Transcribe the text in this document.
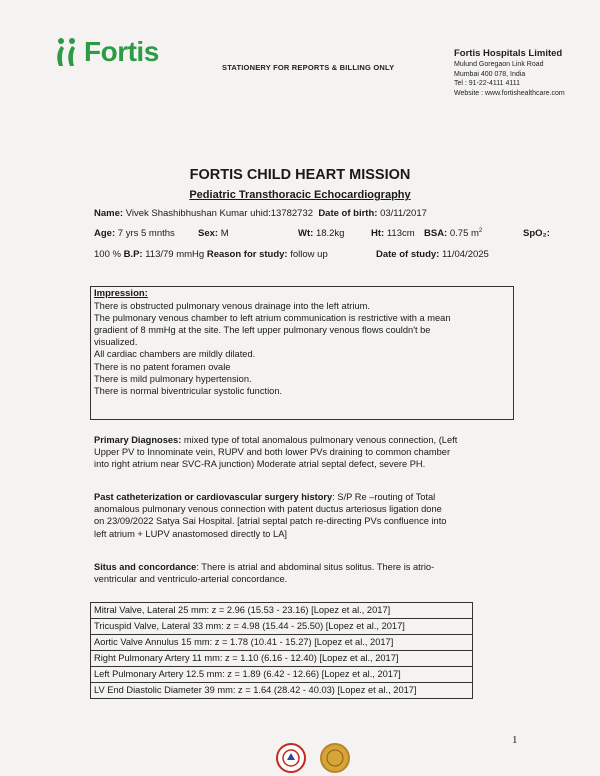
Fortis
STATIONERY FOR REPORTS & BILLING ONLY
Fortis Hospitals Limited
Mulund Goregaon Link Road
Mumbai 400 078, India
Tel : 91-22-4111 4111
Website : www.fortishealthcare.com
FORTIS CHILD HEART MISSION
Pediatric Transthoracic Echocardiography
Name: Vivek Shashibhushan Kumar uhid:13782732 Date of birth: 03/11/2017
Age: 7 yrs 5 mnths Sex: M	Wt: 18.2kg	Ht: 113cm BSA: 0.75 $m^2$	SpO₂:
100 % B.P: 113/79 mmHg Reason for study: follow up	Date of study: 11/04/2025
Impression:
There is obstructed pulmonary venous drainage into the left atrium.
The pulmonary venous chamber to left atrium communication is restrictive with a mean
gradient of 8 mmHg at the site. The left upper pulmonary venous flows couldn't be
visualized.
All cardiac chambers are mildly dilated.
There is no patent foramen ovale
There is mild pulmonary hypertension.
There is normal biventricular systolic function.
Primary Diagnoses: mixed type of total anomalous pulmonary venous connection, (Left
Upper PV to Innominate vein, RUPV and both lower PVs draining to common chamber
into right atrium near SVC-RA junction) Moderate atrial septal defect, severe PH.
Past catheterization or cardiovascular surgery history: S/P Re –routing of Total
anomalous pulmonary venous connection with patent ductus arteriosus ligation done
on 23/09/2022 Satya Sai Hospital. [atrial septal patch re-directing PVs confluence into
left atrium + LUPV anastomosed directly to LA]
Situs and concordance: There is atrial and abdominal situs solitus. There is atrio-
ventricular and ventriculo-arterial concordance.
Mitral Valve, Lateral 25 mm: z = 2.96 (15.53 - 23.16) [Lopez et al., 2017]
Tricuspid Valve, Lateral 33 mm: z = 4.98 (15.44 - 25.50) [Lopez et al., 2017]
Aortic Valve Annulus 15 mm: z = 1.78 (10.41 - 15.27) [Lopez et al., 2017]
Right Pulmonary Artery 11 mm: z = 1.10 (6.16 - 12.40) [Lopez et al., 2017]
Left Pulmonary Artery 12.5 mm: z = 1.89 (6.42 - 12.66) [Lopez et al., 2017]
LV End Diastolic Diameter 39 mm: z = 1.64 (28.42 - 40.03) [Lopez et al., 2017]
1
